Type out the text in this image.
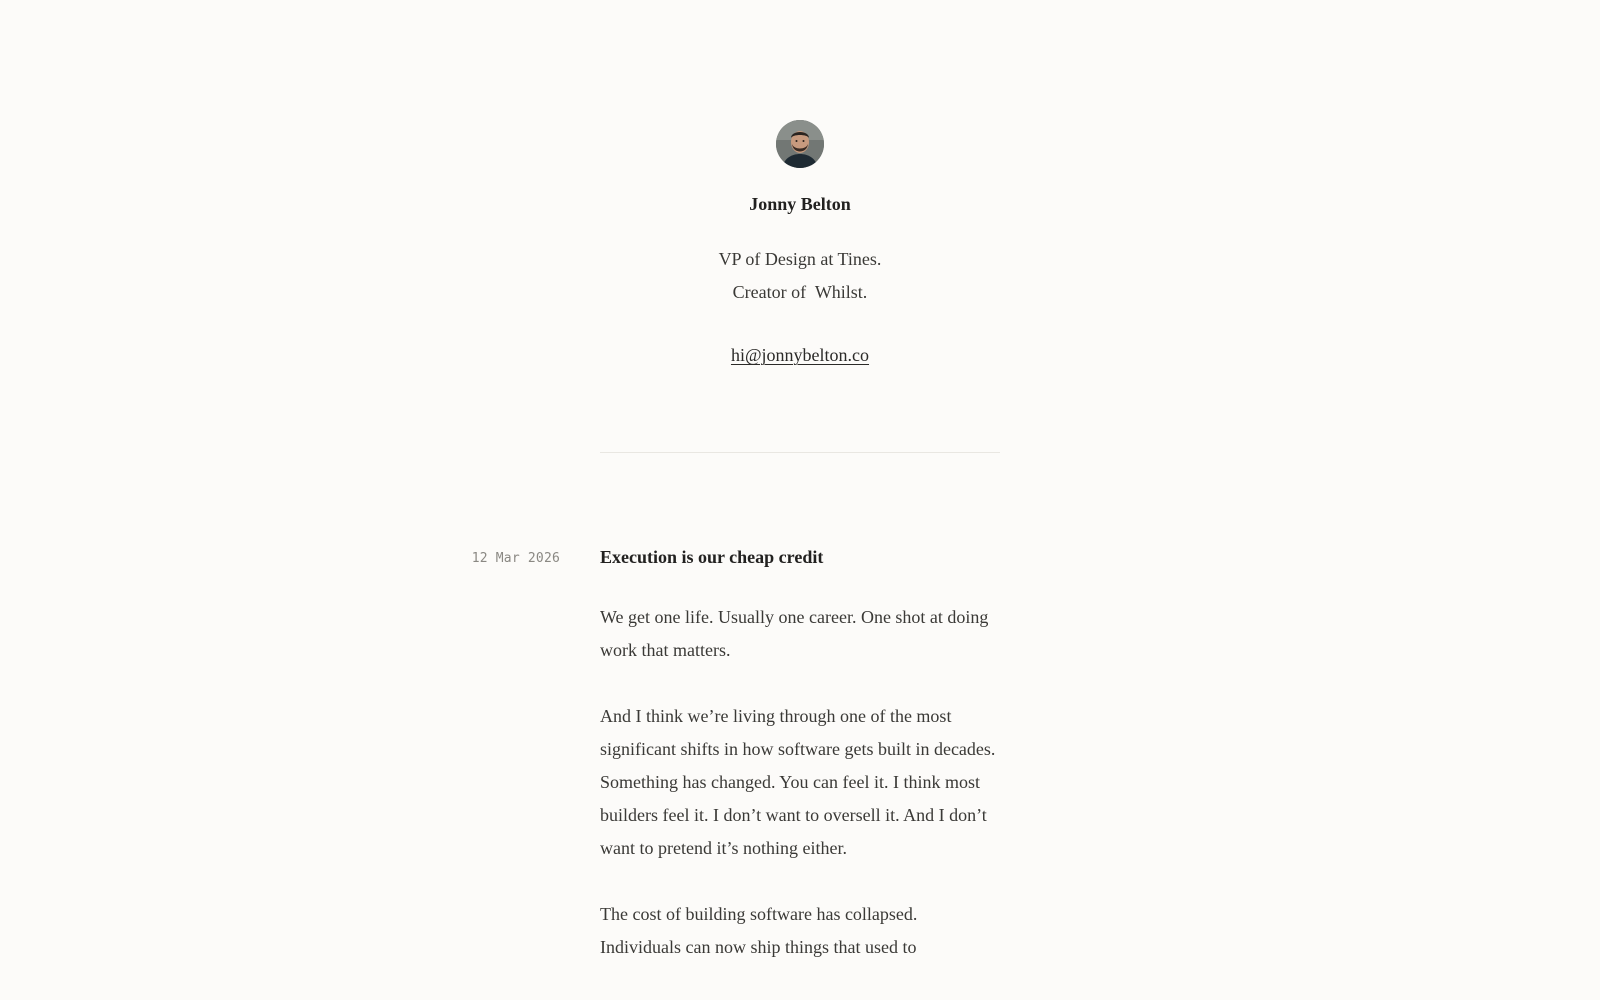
Jonny Belton
VP of Design at Tines.
Creator of  Whilst.
hi@jonnybelton.co
12 Mar 2026 Execution is our cheap credit

We get one life. Usually one career. One shot at doing work that matters.

And I think we’re living through one of the most significant shifts in how software gets built in decades. Something has changed. You can feel it. I think most builders feel it. I don’t want to oversell it. And I don’t want to pretend it’s nothing either.

The cost of building software has collapsed. Individuals can now ship things that used to
